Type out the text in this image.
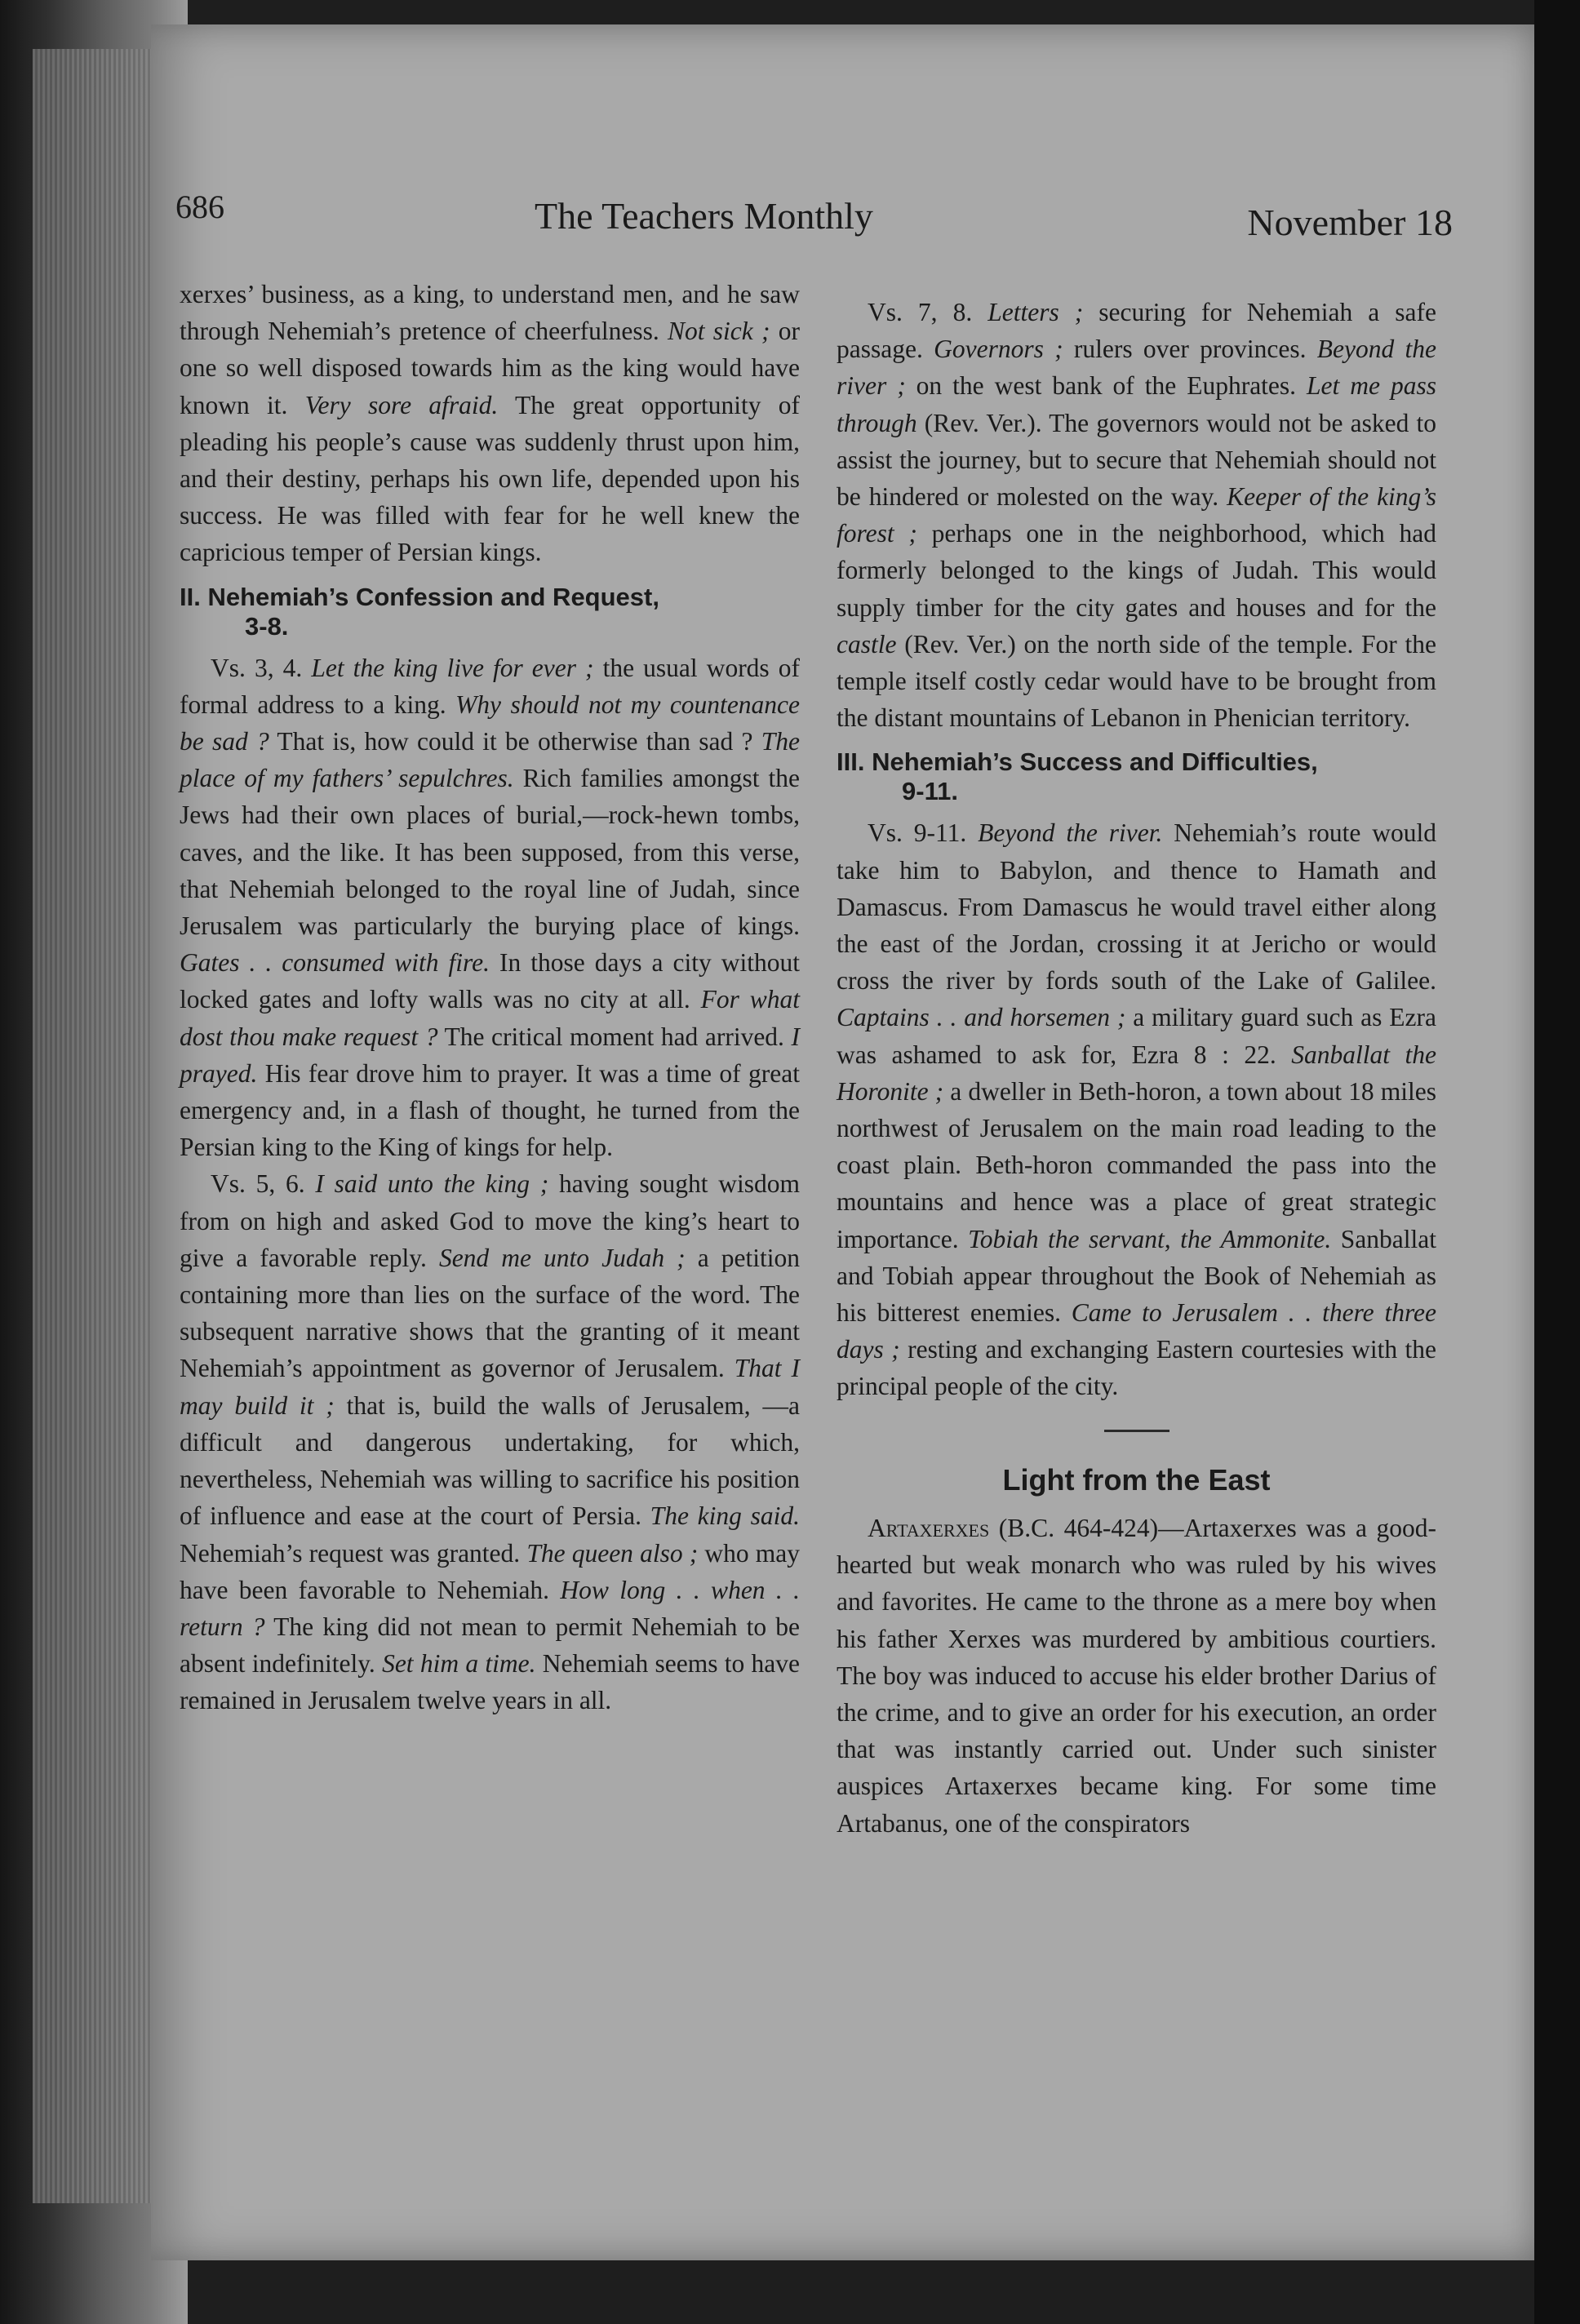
686	The Teachers Monthly	November 18

xerxes’ business, as a king, to understand men, and he saw through Nehemiah’s pretence of cheerfulness. Not sick ; or one so well disposed towards him as the king would have known it. Very sore afraid. The great opportunity of pleading his people’s cause was suddenly thrust upon him, and their destiny, perhaps his own life, depended upon his success. He was filled with fear for he well knew the capricious temper of Persian kings.

II. Nehemiah’s Confession and Request,
3-8.

Vs. 3, 4. Let the king live for ever ; the usual words of formal address to a king. Why should not my countenance be sad ? That is, how could it be otherwise than sad ? The place of my fathers’ sepulchres. Rich families amongst the Jews had their own places of burial,—rock-hewn tombs, caves, and the like. It has been supposed, from this verse, that Nehemiah belonged to the royal line of Judah, since Jerusalem was particularly the burying place of kings. Gates . . consumed with fire. In those days a city without locked gates and lofty walls was no city at all. For what dost thou make request ? The critical moment had arrived. I prayed. His fear drove him to prayer. It was a time of great emergency and, in a flash of thought, he turned from the Persian king to the King of kings for help.

Vs. 5, 6. I said unto the king ; having sought wisdom from on high and asked God to move the king’s heart to give a favorable reply. Send me unto Judah ; a petition containing more than lies on the surface of the word. The subsequent narrative shows that the granting of it meant Nehemiah’s appointment as governor of Jerusalem. That I may build it ; that is, build the walls of Jerusalem, —a difficult and dangerous undertaking, for which, nevertheless, Nehemiah was willing to sacrifice his position of influence and ease at the court of Persia. The king said. Nehemiah’s request was granted. The queen also ; who may have been favorable to Nehemiah. How long . . when . . return ? The king did not mean to permit Nehemiah to be absent indefinitely. Set him a time. Nehemiah seems to have remained in Jerusalem twelve years in all.

Vs. 7, 8. Letters ; securing for Nehemiah a safe passage. Governors ; rulers over provinces. Beyond the river ; on the west bank of the Euphrates. Let me pass through (Rev. Ver.). The governors would not be asked to assist the journey, but to secure that Nehemiah should not be hindered or molested on the way. Keeper of the king’s forest ; perhaps one in the neighborhood, which had formerly belonged to the kings of Judah. This would supply timber for the city gates and houses and for the castle (Rev. Ver.) on the north side of the temple. For the temple itself costly cedar would have to be brought from the distant mountains of Lebanon in Phenician territory.

III. Nehemiah’s Success and Difficulties,
9-11.

Vs. 9-11. Beyond the river. Nehemiah’s route would take him to Babylon, and thence to Hamath and Damascus. From Damascus he would travel either along the east of the Jordan, crossing it at Jericho or would cross the river by fords south of the Lake of Galilee. Captains . . and horsemen ; a military guard such as Ezra was ashamed to ask for, Ezra 8 : 22. Sanballat the Horonite ; a dweller in Beth-horon, a town about 18 miles northwest of Jerusalem on the main road leading to the coast plain. Beth-horon commanded the pass into the mountains and hence was a place of great strategic importance. Tobiah the servant, the Ammonite. Sanballat and Tobiah appear throughout the Book of Nehemiah as his bitterest enemies. Came to Jerusalem . . there three days ; resting and exchanging Eastern courtesies with the principal people of the city.

Light from the East

Artaxerxes (B.C. 464-424)—Artaxerxes was a good-hearted but weak monarch who was ruled by his wives and favorites. He came to the throne as a mere boy when his father Xerxes was murdered by ambitious courtiers. The boy was induced to accuse his elder brother Darius of the crime, and to give an order for his execution, an order that was instantly carried out. Under such sinister auspices Artaxerxes became king. For some time Artabanus, one of the conspirators
